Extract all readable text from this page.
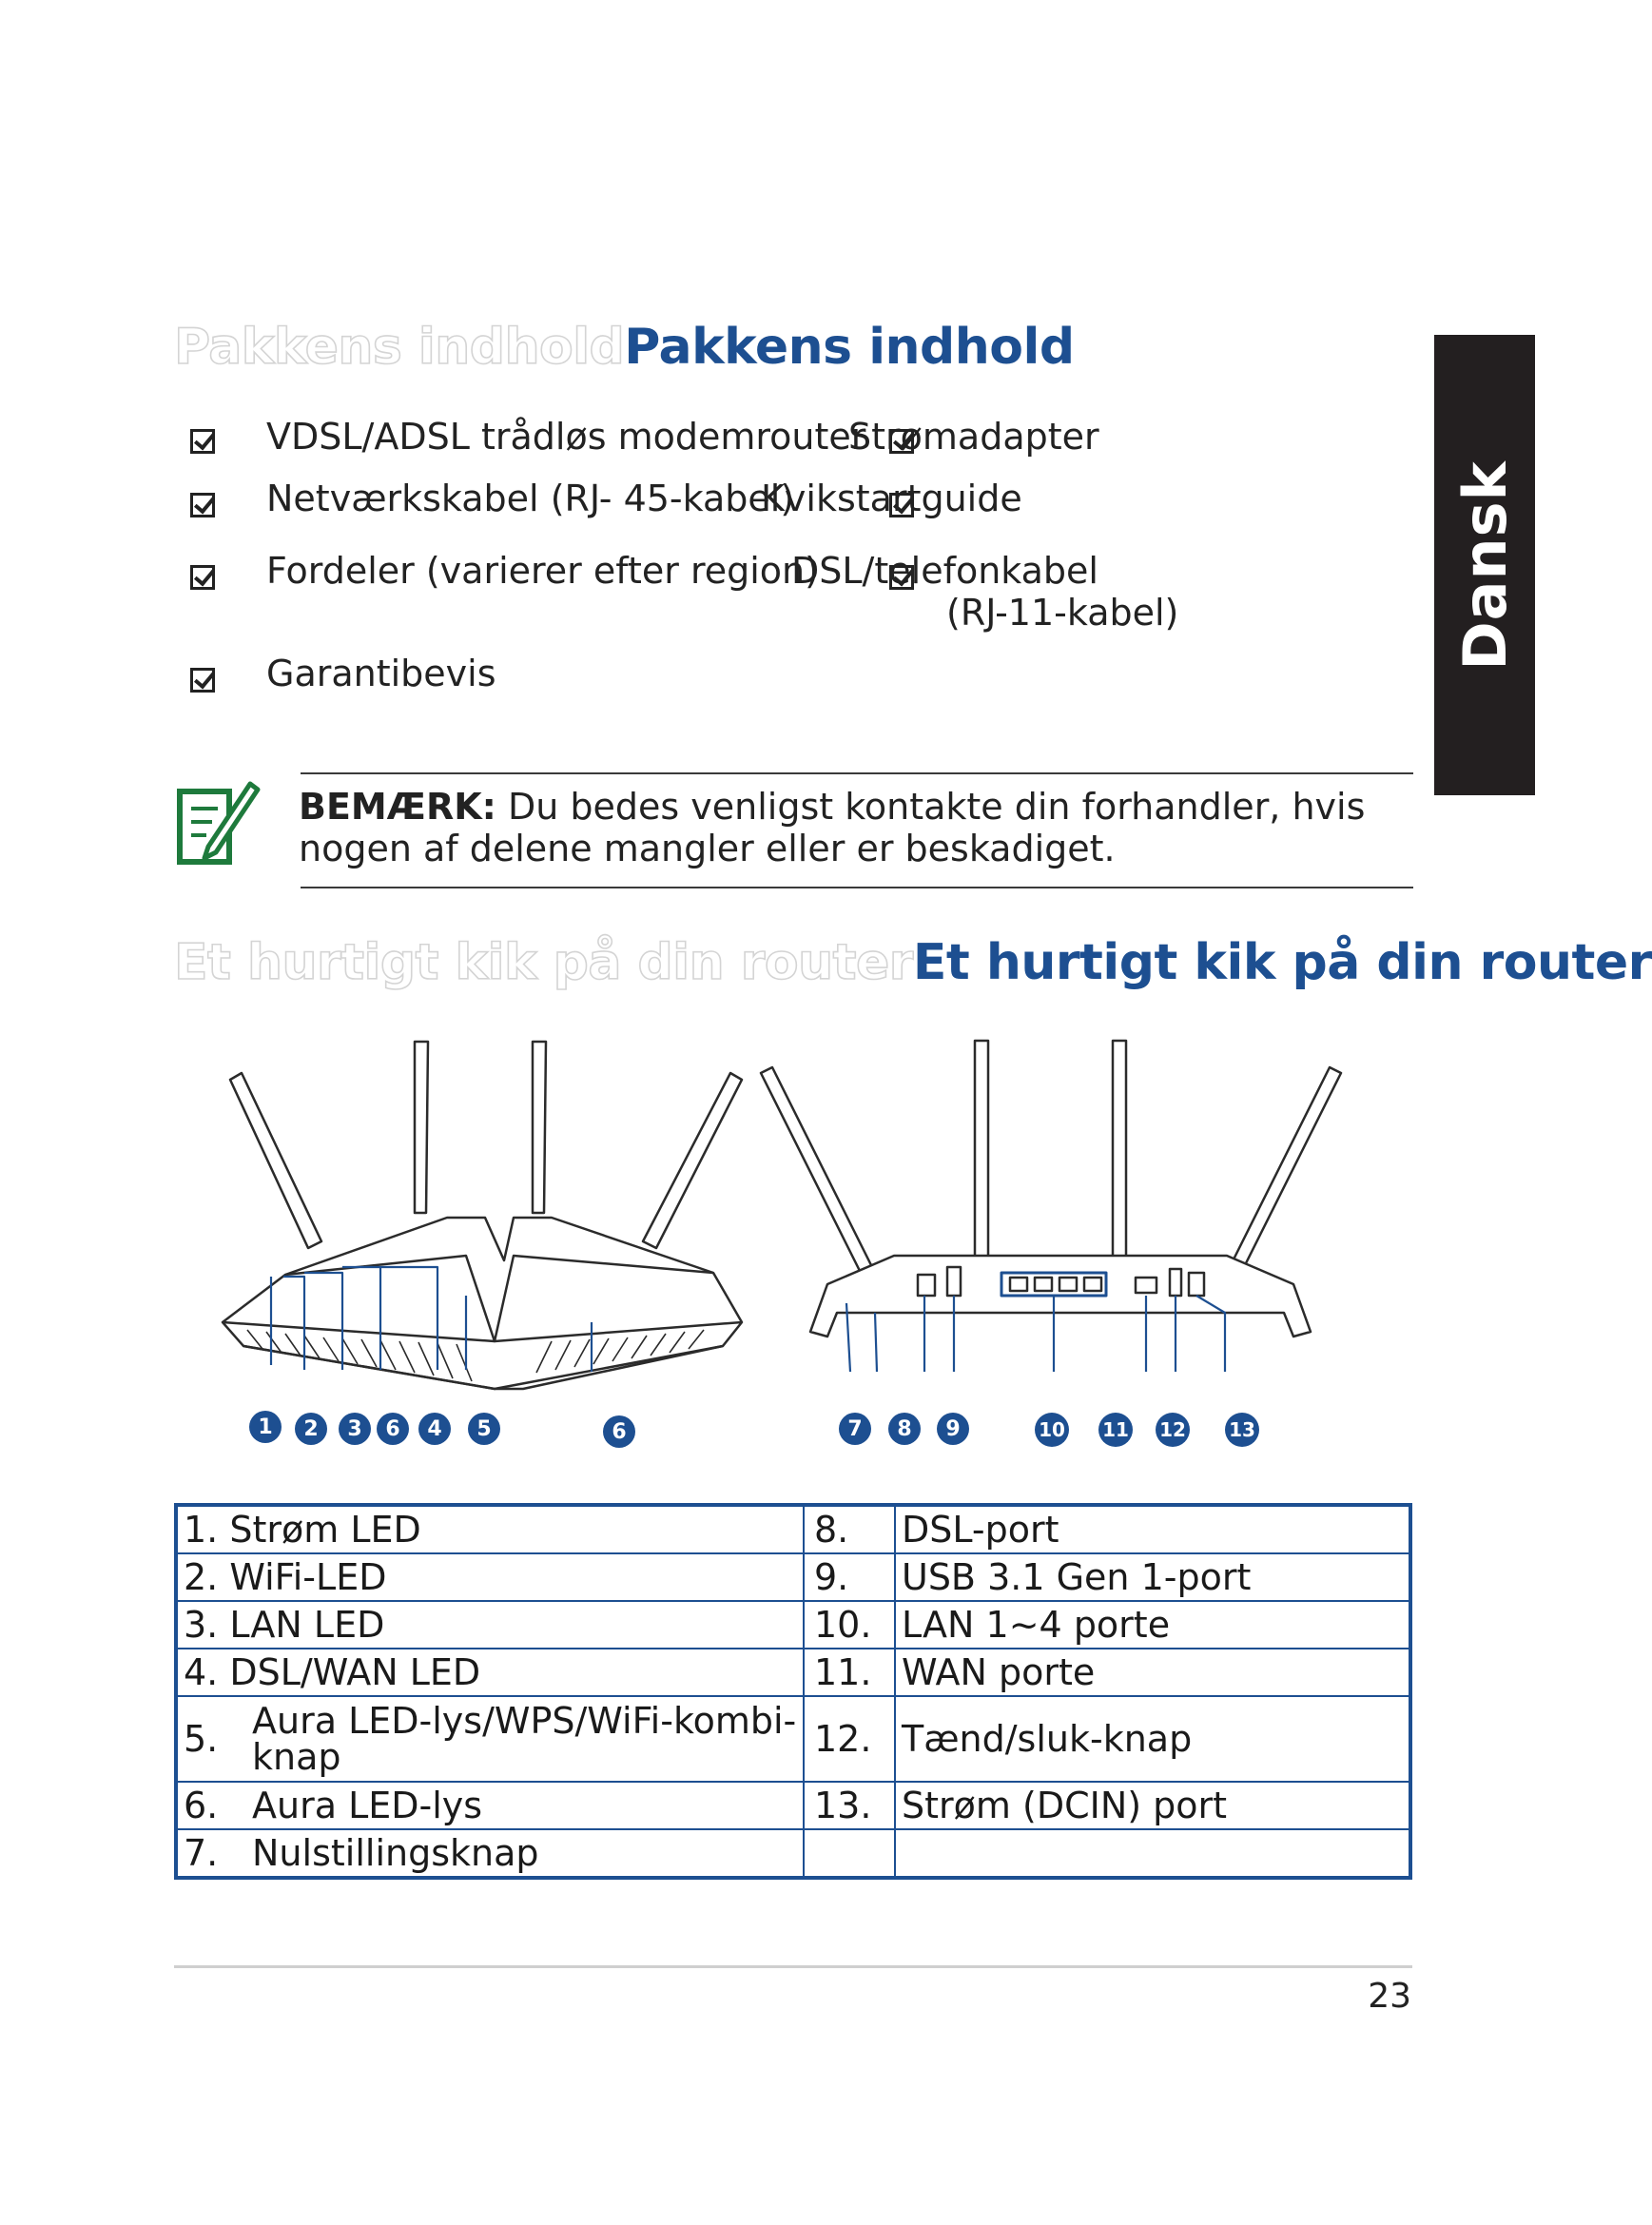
Dansk
Pakkens indhold Pakkens indhold
VDSL/ADSL trådløs modemrouter
Strømadapter
Netværkskabel (RJ- 45-kabel)
Kvikstartguide
Fordeler (varierer efter region)
DSL/telefonkabel
(RJ-11-kabel)
Garantibevis
BEMÆRK: Du bedes venligst kontakte din forhandler, hvis nogen af delene mangler eller er beskadiget.
Et hurtigt kik på din router Et hurtigt kik på din router
1	2	3	6	4	5	6	7	8	9	10 11 12 13
1. Strøm LED	8.	DSL-port
2. WiFi-LED	9.	USB 3.1 Gen 1-port
3. LAN LED	10.	LAN 1~4 porte
4. DSL/WAN LED	11.	WAN porte

5. Aura LED-lys/WPS/WiFi-kombi-knap	12.	Tænd/sluk-knap

6. Aura LED-lys	13.	Strøm (DCIN) port

7. Nulstillingsknap		

23
